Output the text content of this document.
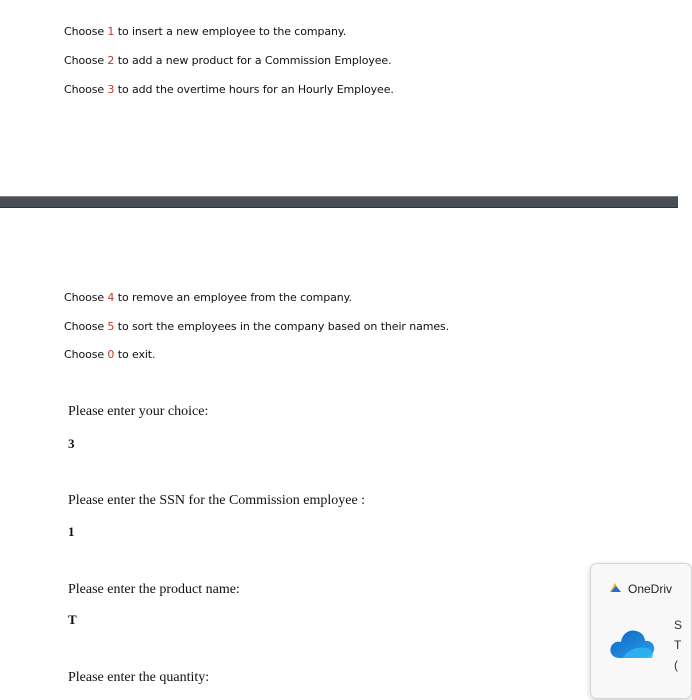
Choose 1 to insert a new employee to the company.
Choose 2 to add a new product for a Commission Employee.
Choose 3 to add the overtime hours for an Hourly Employee.
Choose 4 to remove an employee from the company.
Choose 5 to sort the employees in the company based on their names.
Choose 0 to exit.
Please enter your choice:
3
Please enter the SSN for the Commission employee :
1
Please enter the product name:
T
Please enter the quantity:
OneDriv
S
T
(
